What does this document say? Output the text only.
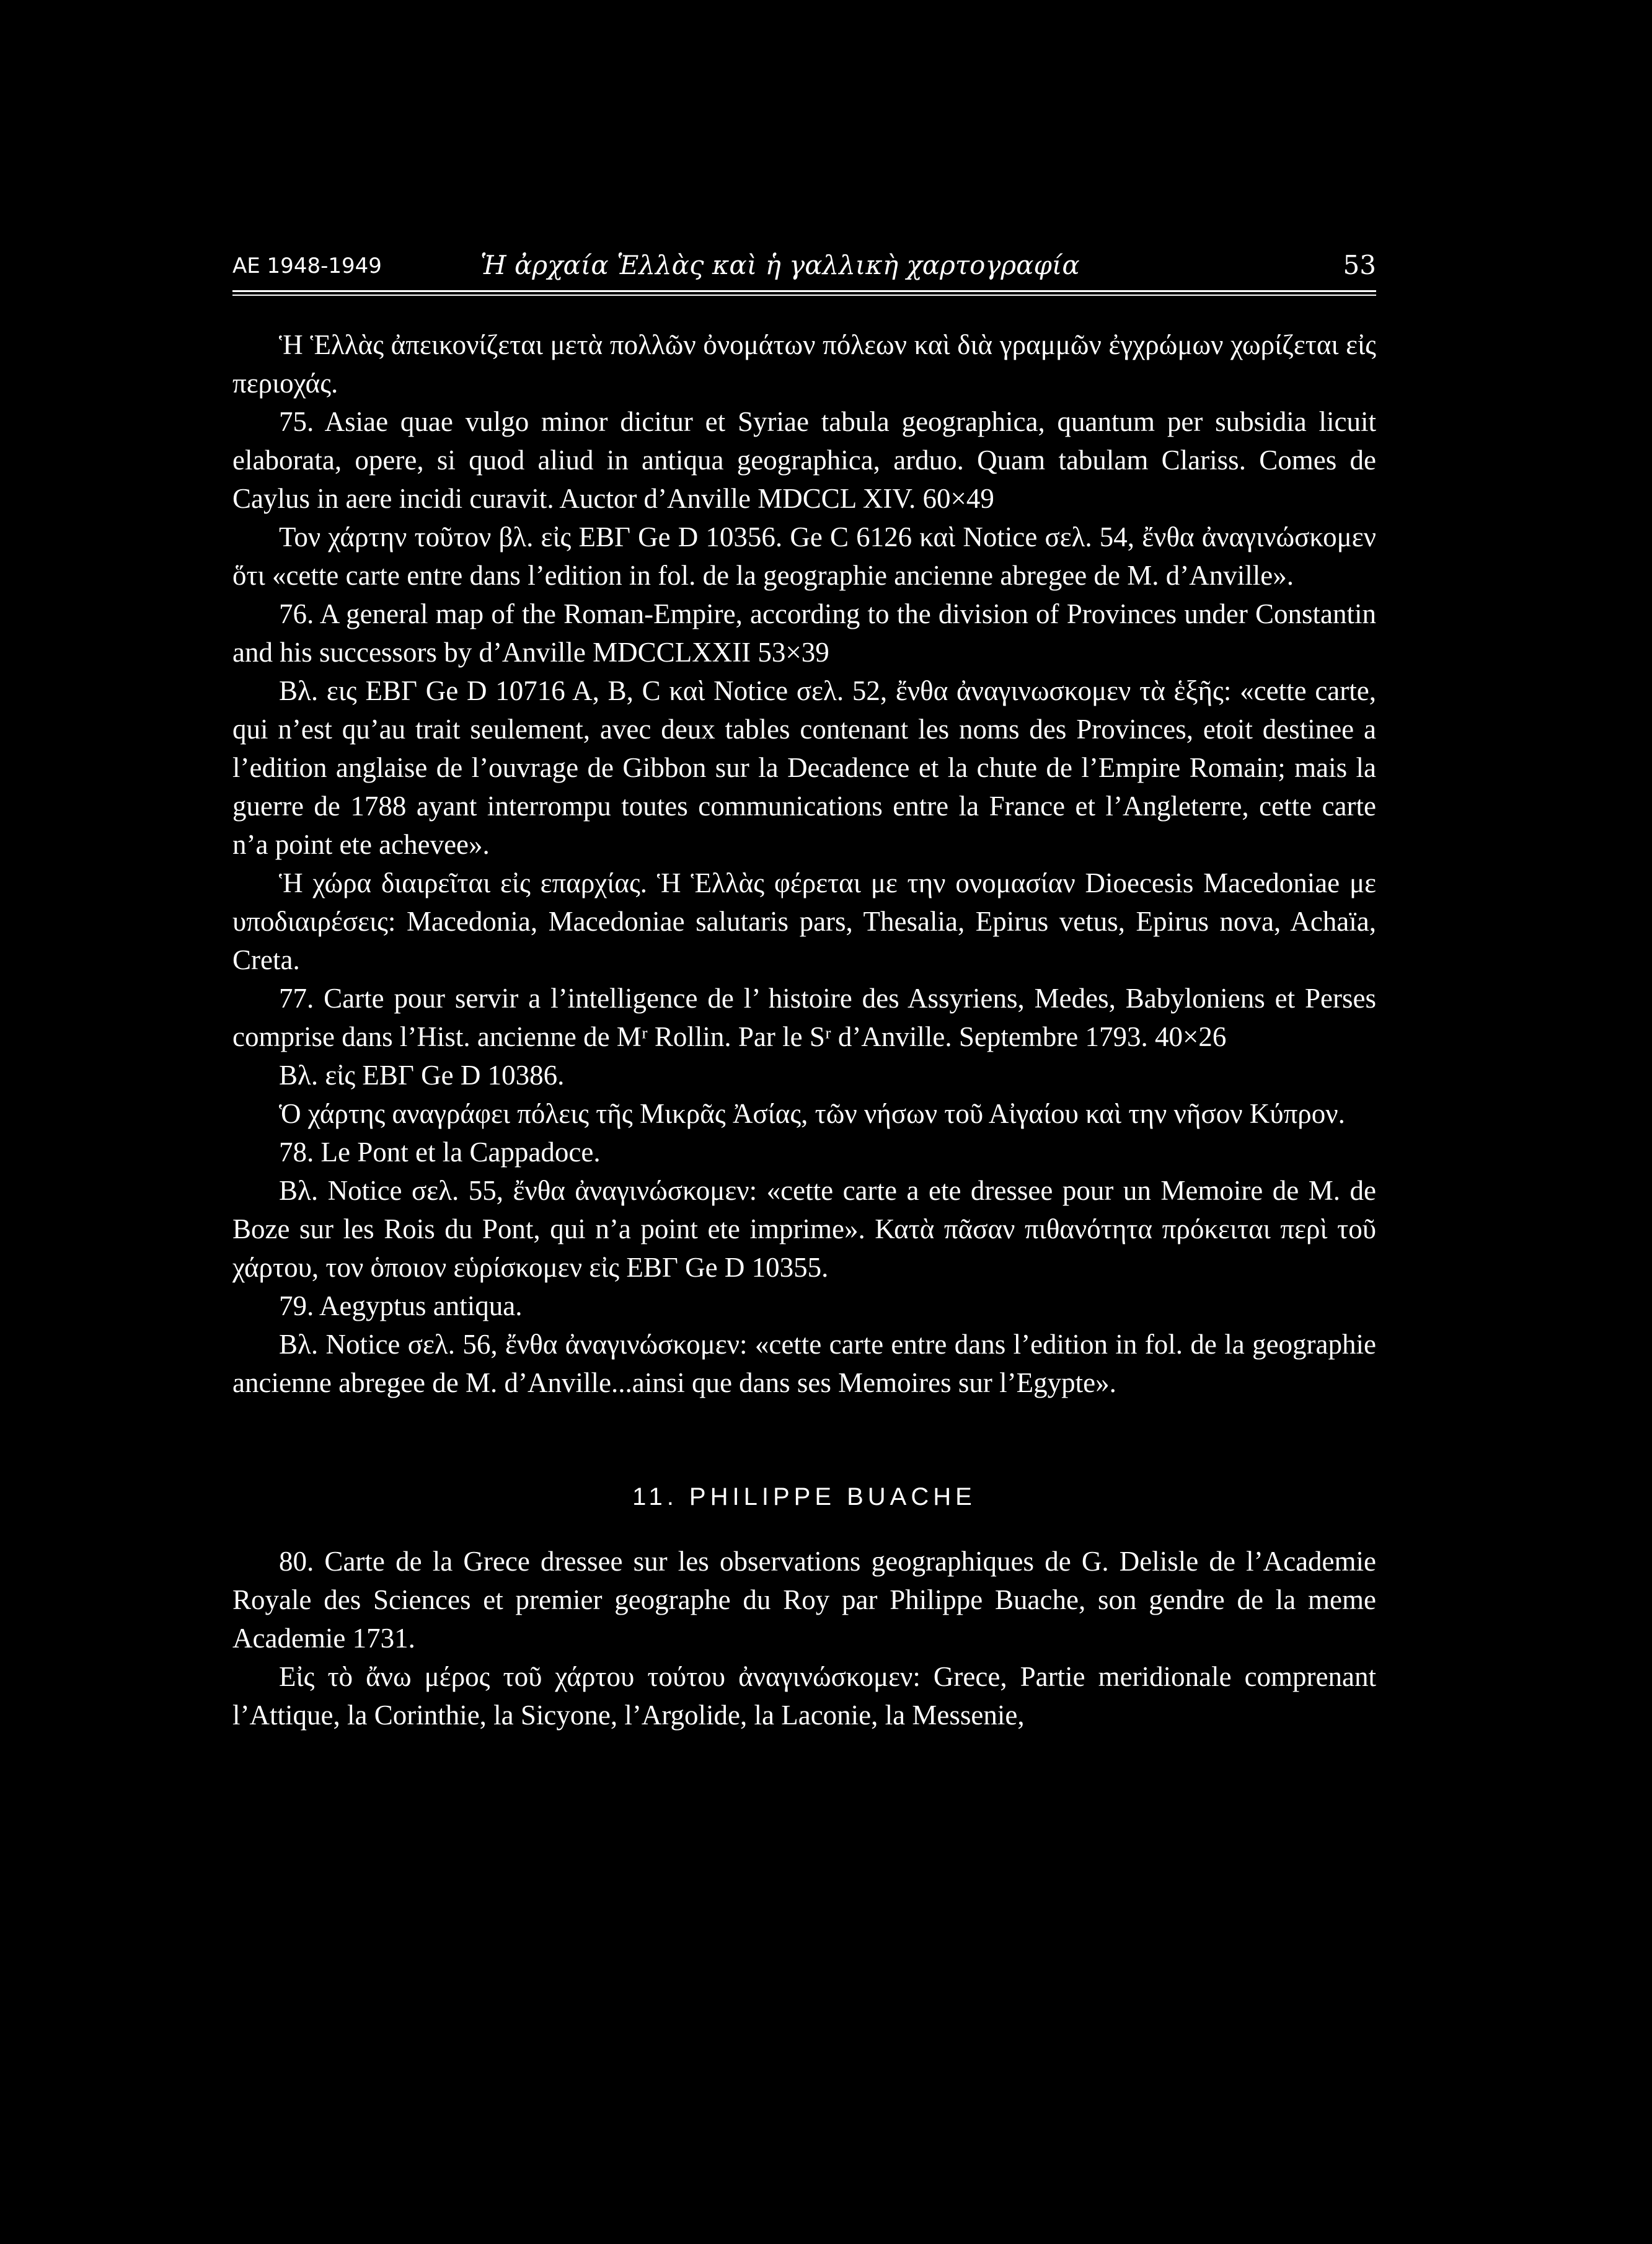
ΑΕ 1948-1949	Ἡ ἀρχαία Ἑλλὰς καὶ ἡ γαλλικὴ χαρτογραφία	53

Ἡ Ἑλλὰς ἀπεικονίζεται μετὰ πολλῶν ὀνομάτων πόλεων καὶ διὰ γραμμῶν ἐγχρώμων χωρίζεται εἰς περιοχάς.

75. Asiae quae vulgo minor dicitur et Syriae tabula geographica, quantum per subsidia licuit elaborata, opere, si quod aliud in antiqua geographica, arduo. Quam tabulam Clariss. Comes de Caylus in aere incidi curavit. Auctor d’Anville MDCCL XIV. 60×49

Τον χάρτην τοῦτον βλ. εἰς ΕΒΓ Ge D 10356. Ge C 6126 καὶ Notice σελ. 54, ἔνθα ἀναγινώσκομεν ὅτι «cette carte entre dans l’edition in fol. de la geographie ancienne abregee de M. d’Anville».

76. A general map of the Roman-Empire, according to the division of Provinces under Constantin and his successors by d’Anville MDCCLXXII 53×39

Βλ. εις ΕΒΓ Ge D 10716 A, B, C καὶ Notice σελ. 52, ἔνθα ἀναγινωσκομεν τὰ ἑξῆς: «cette carte, qui n’est qu’au trait seulement, avec deux tables contenant les noms des Provinces, etoit destinee a l’edition anglaise de l’ouvrage de Gibbon sur la Decadence et la chute de l’Empire Romain; mais la guerre de 1788 ayant interrompu toutes communications entre la France et l’Angleterre, cette carte n’a point ete achevee».

Ἡ χώρα διαιρεῖται εἰς επαρχίας. Ἡ Ἑλλὰς φέρεται με την ονομασίαν Dioecesis Macedoniae με υποδιαιρέσεις: Macedonia, Macedoniae salutaris pars, Thesalia, Epirus vetus, Epirus nova, Achaïa, Creta.

77. Carte pour servir a l’intelligence de l’ histoire des Assyriens, Medes, Babyloniens et Perses comprise dans l’Hist. ancienne de Mʳ Rollin. Par le Sʳ d’Anville. Septembre 1793. 40×26

Βλ. εἰς ΕΒΓ Ge D 10386.

Ὁ χάρτης αναγράφει πόλεις τῆς Μικρᾶς Ἀσίας, τῶν νήσων τοῦ Αἰγαίου καὶ την νῆσον Κύπρον.

78. Le Pont et la Cappadoce.

Βλ. Notice σελ. 55, ἔνθα ἀναγινώσκομεν: «cette carte a ete dressee pour un Memoire de M. de Boze sur les Rois du Pont, qui n’a point ete imprime». Κατὰ πᾶσαν πιθανότητα πρόκειται περὶ τοῦ χάρτου, τον ὁποιον εὑρίσκομεν εἰς ΕΒΓ Ge D 10355.

79. Aegyptus antiqua.

Βλ. Notice σελ. 56, ἔνθα ἀναγινώσκομεν: «cette carte entre dans l’edition in fol. de la geographie ancienne abregee de M. d’Anville...ainsi que dans ses Memoires sur l’Egypte».

11. PHILIPPE BUACHE

80. Carte de la Grece dressee sur les observations geographiques de G. Delisle de l’Academie Royale des Sciences et premier geographe du Roy par Philippe Buache, son gendre de la meme Academie 1731.

Εἰς τὸ ἄνω μέρος τοῦ χάρτου τούτου ἀναγινώσκομεν: Grece, Partie meridionale comprenant l’Attique, la Corinthie, la Sicyone, l’Argolide, la Laconie, la Messenie,
